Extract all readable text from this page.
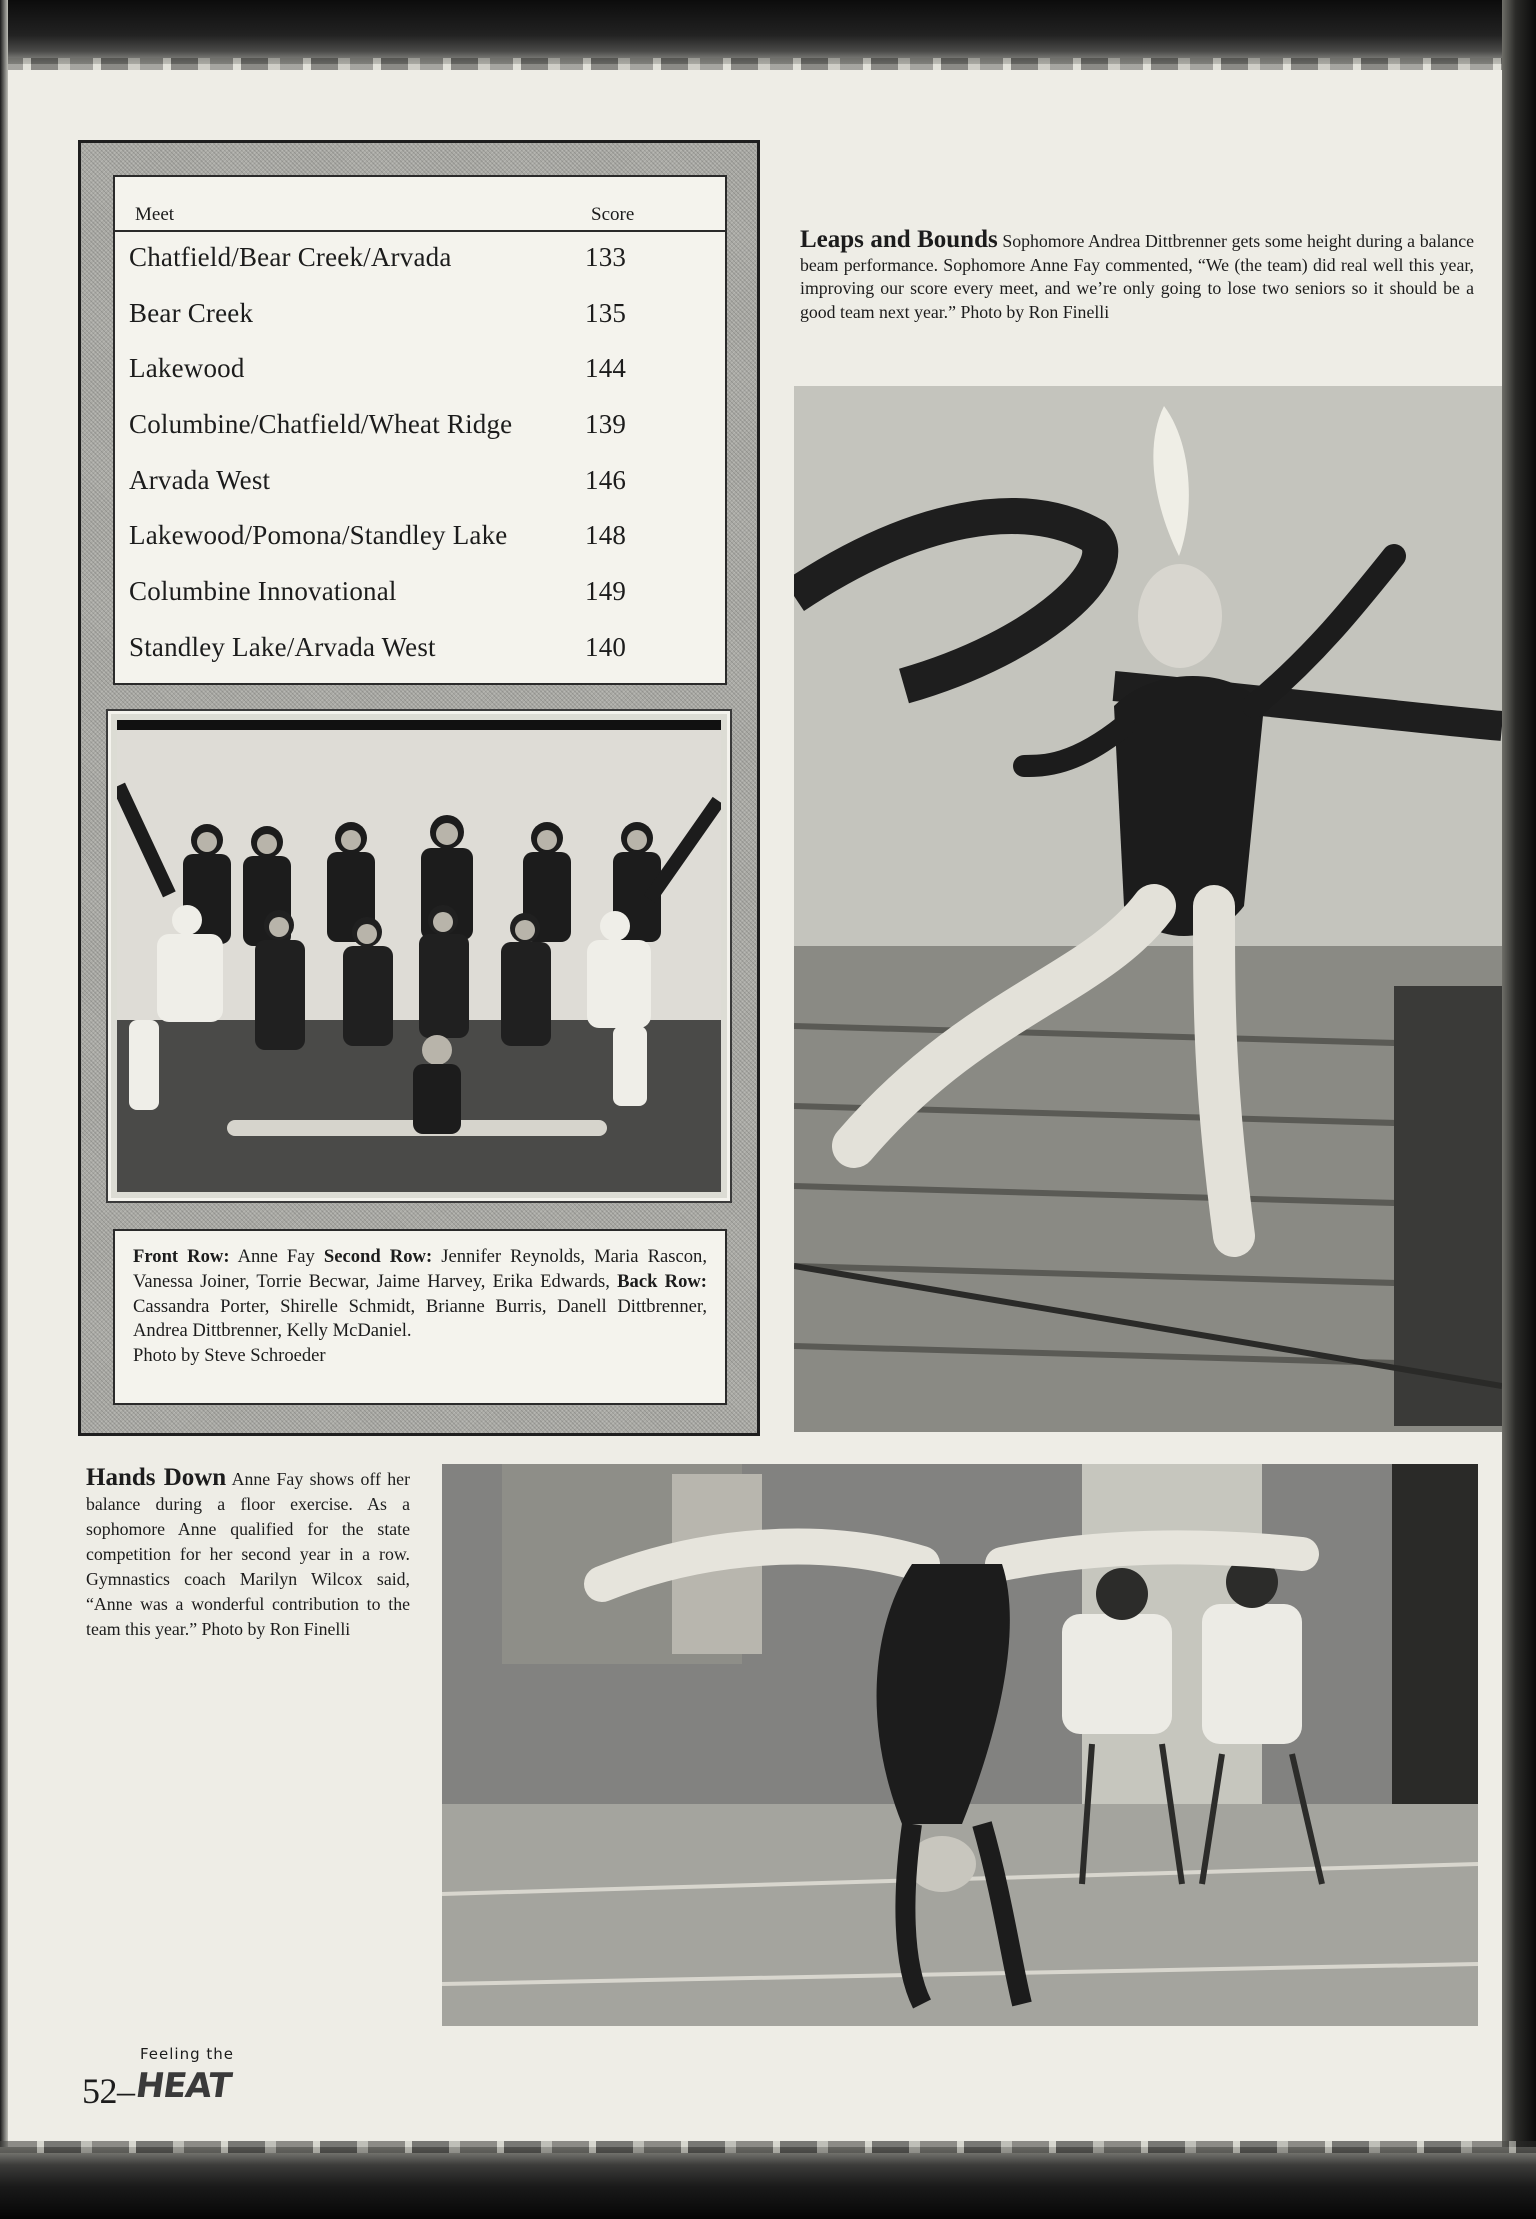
Meet	Score
Chatfield/Bear Creek/Arvada	133
Bear Creek	135
Lakewood	144
Columbine/Chatfield/Wheat Ridge	139
Arvada West	146
Lakewood/Pomona/Standley Lake	148
Columbine Innovational	149
Standley Lake/Arvada West	140
Front Row: Anne Fay Second Row: Jennifer Reynolds, Maria Rascon, Vanessa Joiner, Torrie Becwar, Jaime Harvey, Erika Edwards, Back Row: Cassandra Porter, Shirelle Schmidt, Brianne Burris, Danell Dittbrenner, Andrea Dittbrenner, Kelly McDaniel.
Photo by Steve Schroeder
Leaps and Bounds Sophomore Andrea Dittbrenner gets some height during a balance beam performance. Sophomore Anne Fay commented, “We (the team) did real well this year, improving our score every meet, and we’re only going to lose two seniors so it should be a good team next year.” Photo by Ron Finelli
Hands Down Anne Fay shows off her balance during a floor exercise. As a sophomore Anne qualified for the state competition for her second year in a row. Gymnastics coach Marilyn Wilcox said, “Anne was a wonderful contribution to the team this year.” Photo by Ron Finelli
52–
Feeling the
HEAT
